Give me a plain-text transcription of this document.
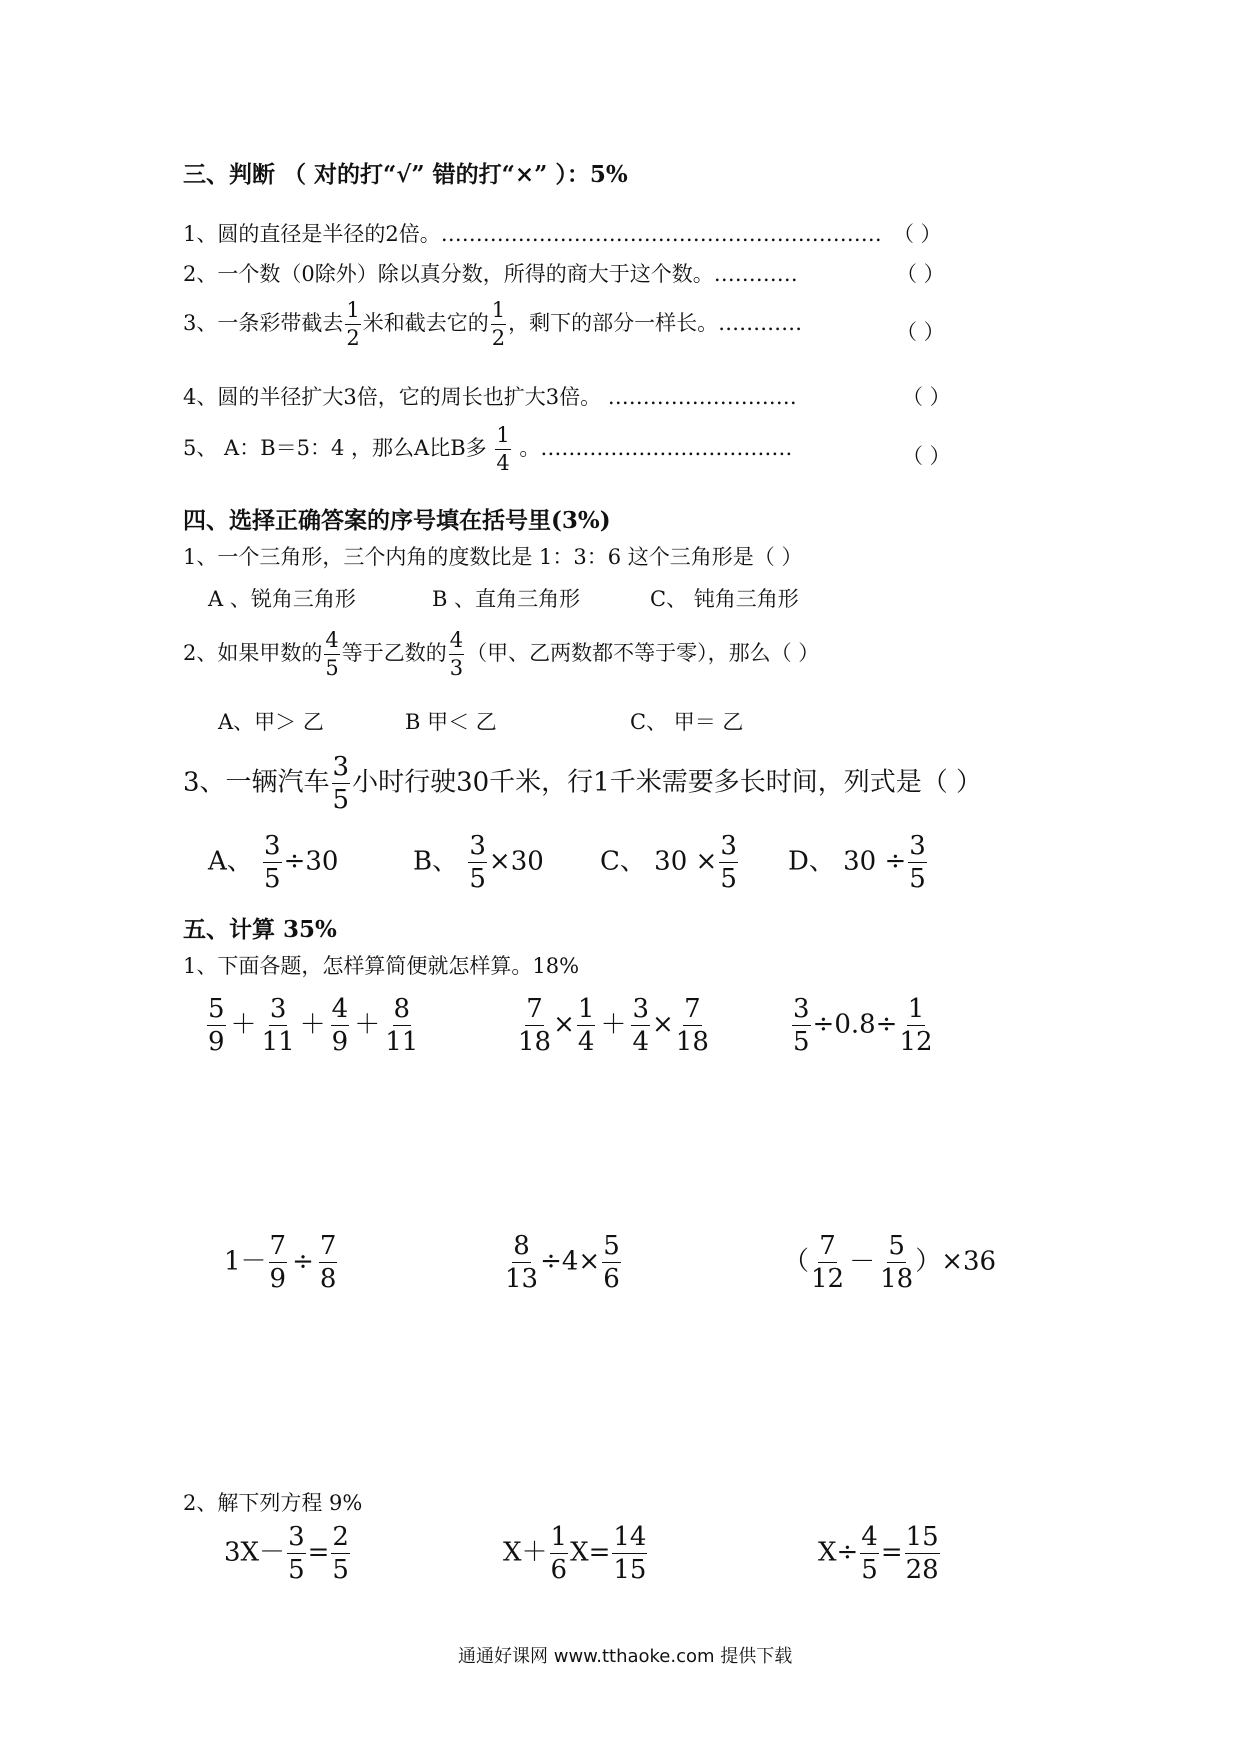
三、判断 （ 对的打“√” 错的打“×” ）：5%
1、圆的直径是半径的2倍。……………………………………………………… （ ）
2、一个数（0除外）除以真分数，所得的商大于这个数。…………	（ ）
3、一条彩带截去 $\frac{1}{2}$ 米和截去它的 $\frac{1}{2}$ ，剩下的部分一样长。…………	（ ）
4、圆的半径扩大3倍，它的周长也扩大3倍。 ………………………	（ ）
5、 A：B＝5：4 ，那么A比B多 $\frac{1}{4}$ 。………………………………	（ ）
四、选择正确答案的序号填在括号里(3%)
1、一个三角形，三个内角的度数比是 1：3：6 这个三角形是（ ）
A 、锐角三角形	B 、直角三角形	C、 钝角三角形
2、如果甲数的 $\frac{4}{5}$ 等于乙数的 $\frac{4}{3}$ （甲、乙两数都不等于零），那么（ ）
A、甲＞ 乙	B 甲＜ 乙	C、 甲＝ 乙
3、一辆汽车 $\frac{3}{5}$ 小时行驶30千米，行1千米需要多长时间，列式是（ ）
A、 $\frac{3}{5} \div 30$	B、 $\frac{3}{5} \times 30$ C、 $30 \times \frac{3}{5}$ D、 $30 \div \frac{3}{5}$
五、计算 35%
1、下面各题，怎样算简便就怎样算。18%
$\frac{5}{9} + \frac{3}{11} + \frac{4}{9} + \frac{8}{11}$	$\frac{7}{18} \times \frac{1}{4} + \frac{3}{4} \times \frac{7}{18}$	$\frac{3}{5} \div 0.8\div \frac{1}{12}$
$1- \frac{7}{9} \div \frac{7}{8}$	$\frac{8}{13} \div 4\times \frac{5}{6}$	（ $\frac{7}{12} - \frac{5}{18} )\times 36$
2、解下列方程 9%
$3X- \frac{3}{5} = \frac{2}{5}$	$X+ \frac{1}{6} X= \frac{14}{15}$	$X\div \frac{4}{5} = \frac{15}{28}$
通通好课网 www.tthaoke.com 提供下载
